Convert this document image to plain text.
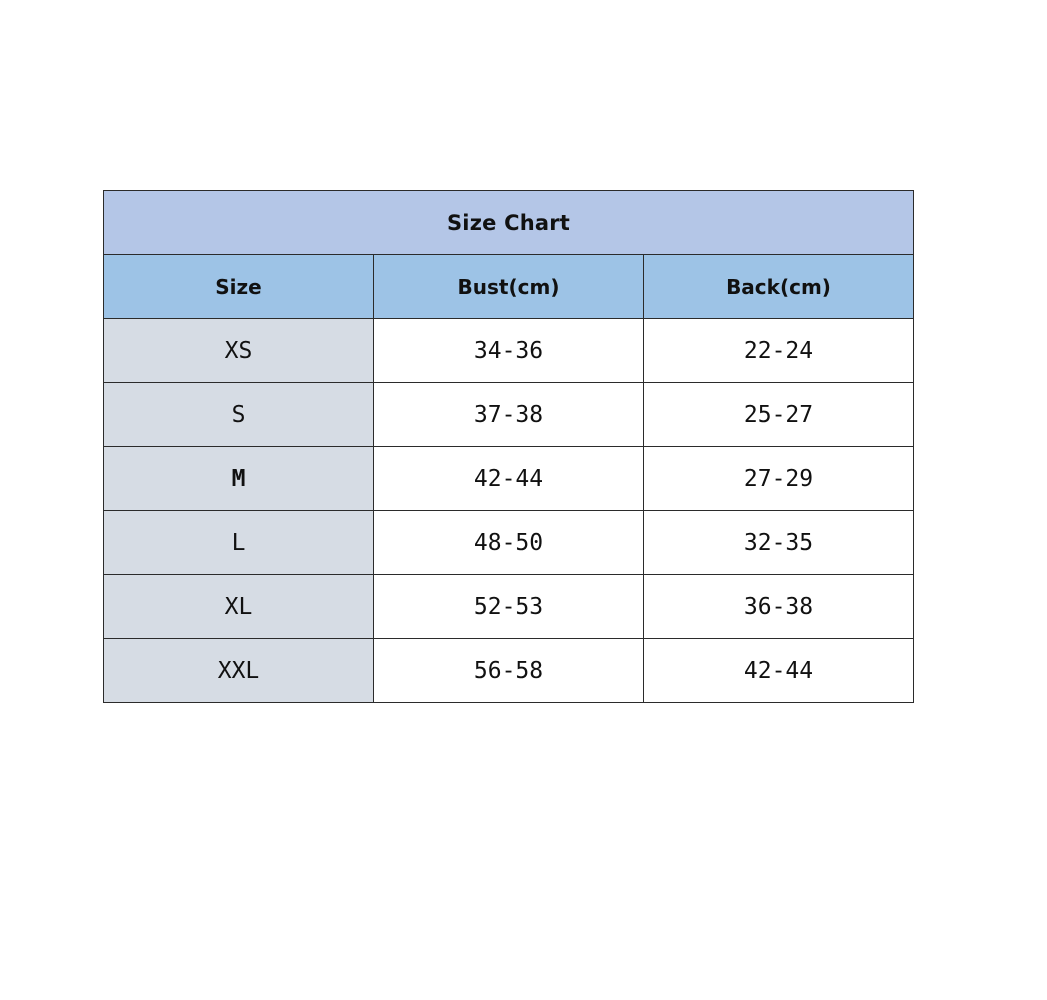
Size Chart		
Size	Bust(cm)	Back(cm)
XS	34-36	22-24
S	37-38	25-27
M	42-44	27-29
L	48-50	32-35
XL	52-53	36-38
XXL	56-58	42-44
